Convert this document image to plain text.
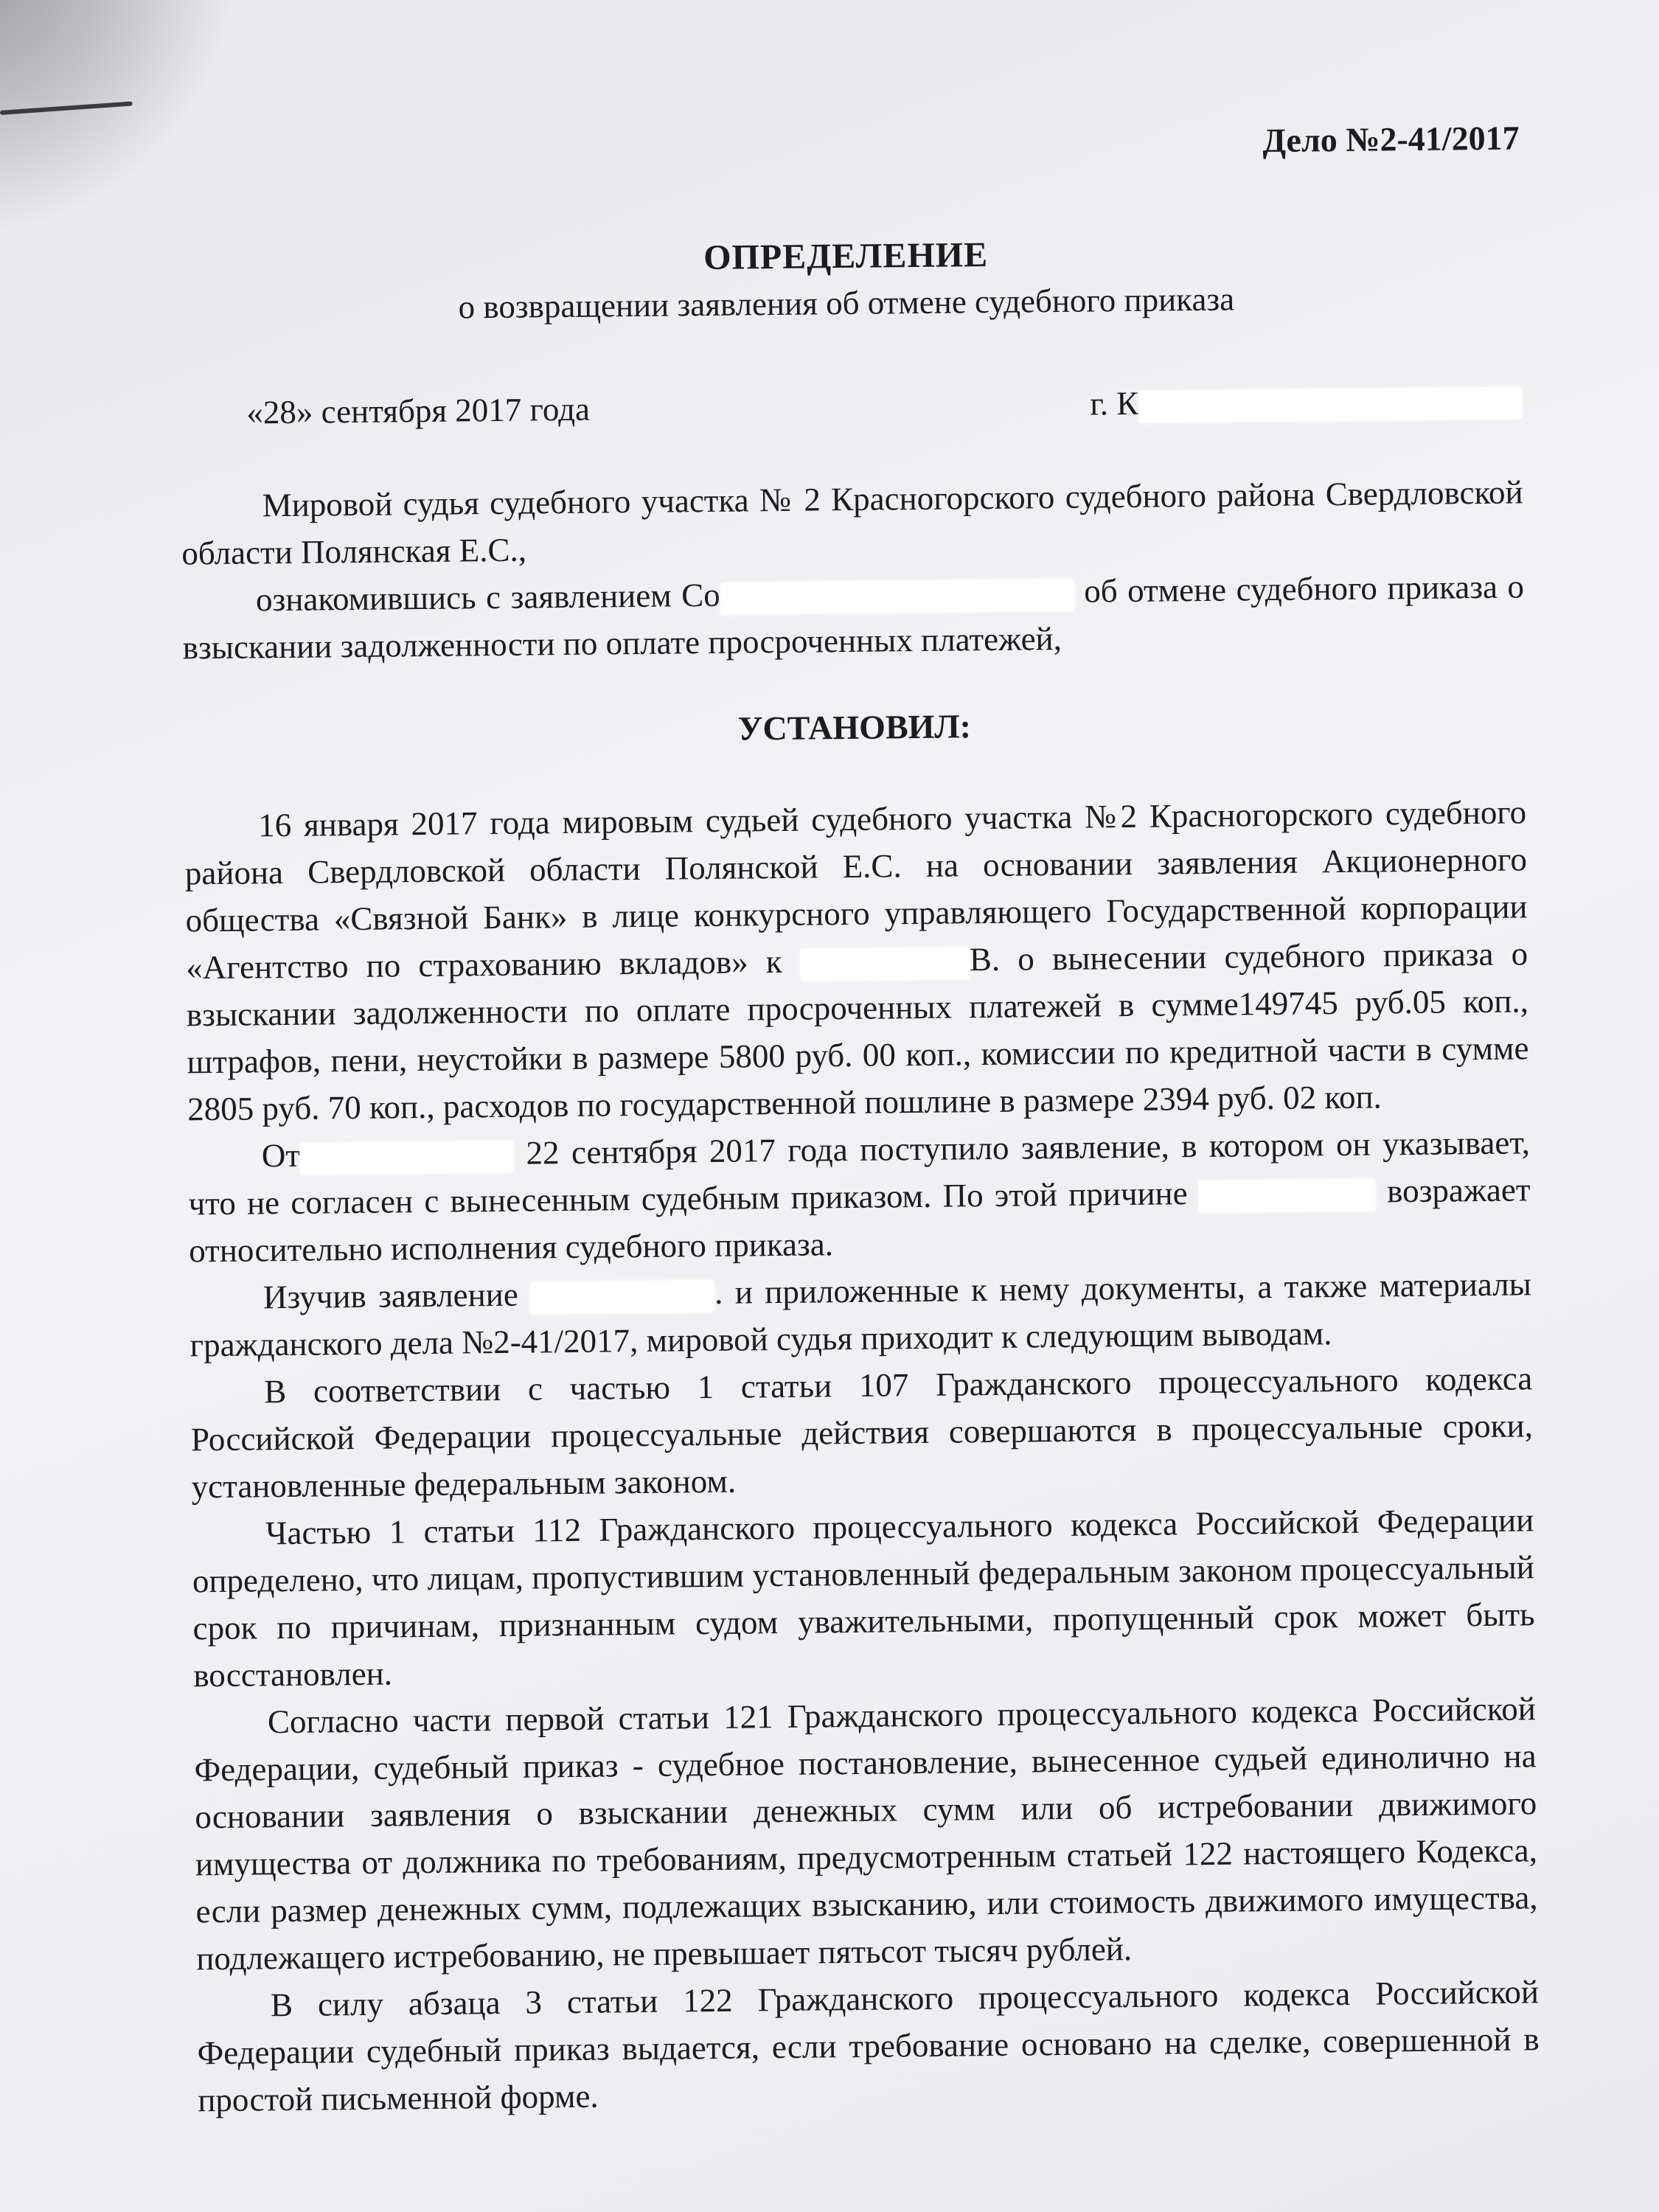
Дело №2-41/2017
ОПРЕДЕЛЕНИЕ
о возвращении заявления об отмене судебного приказа
«28» сентября 2017 года	г. К

Мировой судья судебного участка № 2 Красногорского судебного района Свердловской области Полянская Е.С.,

ознакомившись с заявлением Со	об отмене судебного приказа о взыскании задолженности по оплате просроченных платежей,

УСТАНОВИЛ:

16 января 2017 года мировым судьей судебного участка №2 Красногорского судебного района Свердловской области Полянской Е.С. на основании заявления Акционерного общества «Связной Банк» в лице конкурсного управляющего Государственной корпорации «Агентство по страхованию вкладов» к	В. о вынесении судебного приказа о взыскании задолженности по оплате просроченных платежей в сумме149745 руб.05 коп., штрафов, пени, неустойки в размере 5800 руб. 00 коп., комиссии по кредитной части в сумме 2805 руб. 70 коп., расходов по государственной пошлине в размере 2394 руб. 02 коп.

От	22 сентября 2017 года поступило заявление, в котором он указывает, что не согласен с вынесенным судебным приказом. По этой причине	возражает относительно исполнения судебного приказа.

Изучив заявление	. и приложенные к нему документы, а также материалы гражданского дела №2-41/2017, мировой судья приходит к следующим выводам.

В соответствии с частью 1 статьи 107 Гражданского процессуального кодекса Российской Федерации процессуальные действия совершаются в процессуальные сроки, установленные федеральным законом.

Частью 1 статьи 112 Гражданского процессуального кодекса Российской Федерации определено, что лицам, пропустившим установленный федеральным законом процессуальный срок по причинам, признанным судом уважительными, пропущенный срок может быть восстановлен.

Согласно части первой статьи 121 Гражданского процессуального кодекса Российской Федерации, судебный приказ - судебное постановление, вынесенное судьей единолично на основании заявления о взыскании денежных сумм или об истребовании движимого имущества от должника по требованиям, предусмотренным статьей 122 настоящего Кодекса, если размер денежных сумм, подлежащих взысканию, или стоимость движимого имущества, подлежащего истребованию, не превышает пятьсот тысяч рублей.

В силу абзаца 3 статьи 122 Гражданского процессуального кодекса Российской Федерации судебный приказ выдается, если требование основано на сделке, совершенной в простой письменной форме.
